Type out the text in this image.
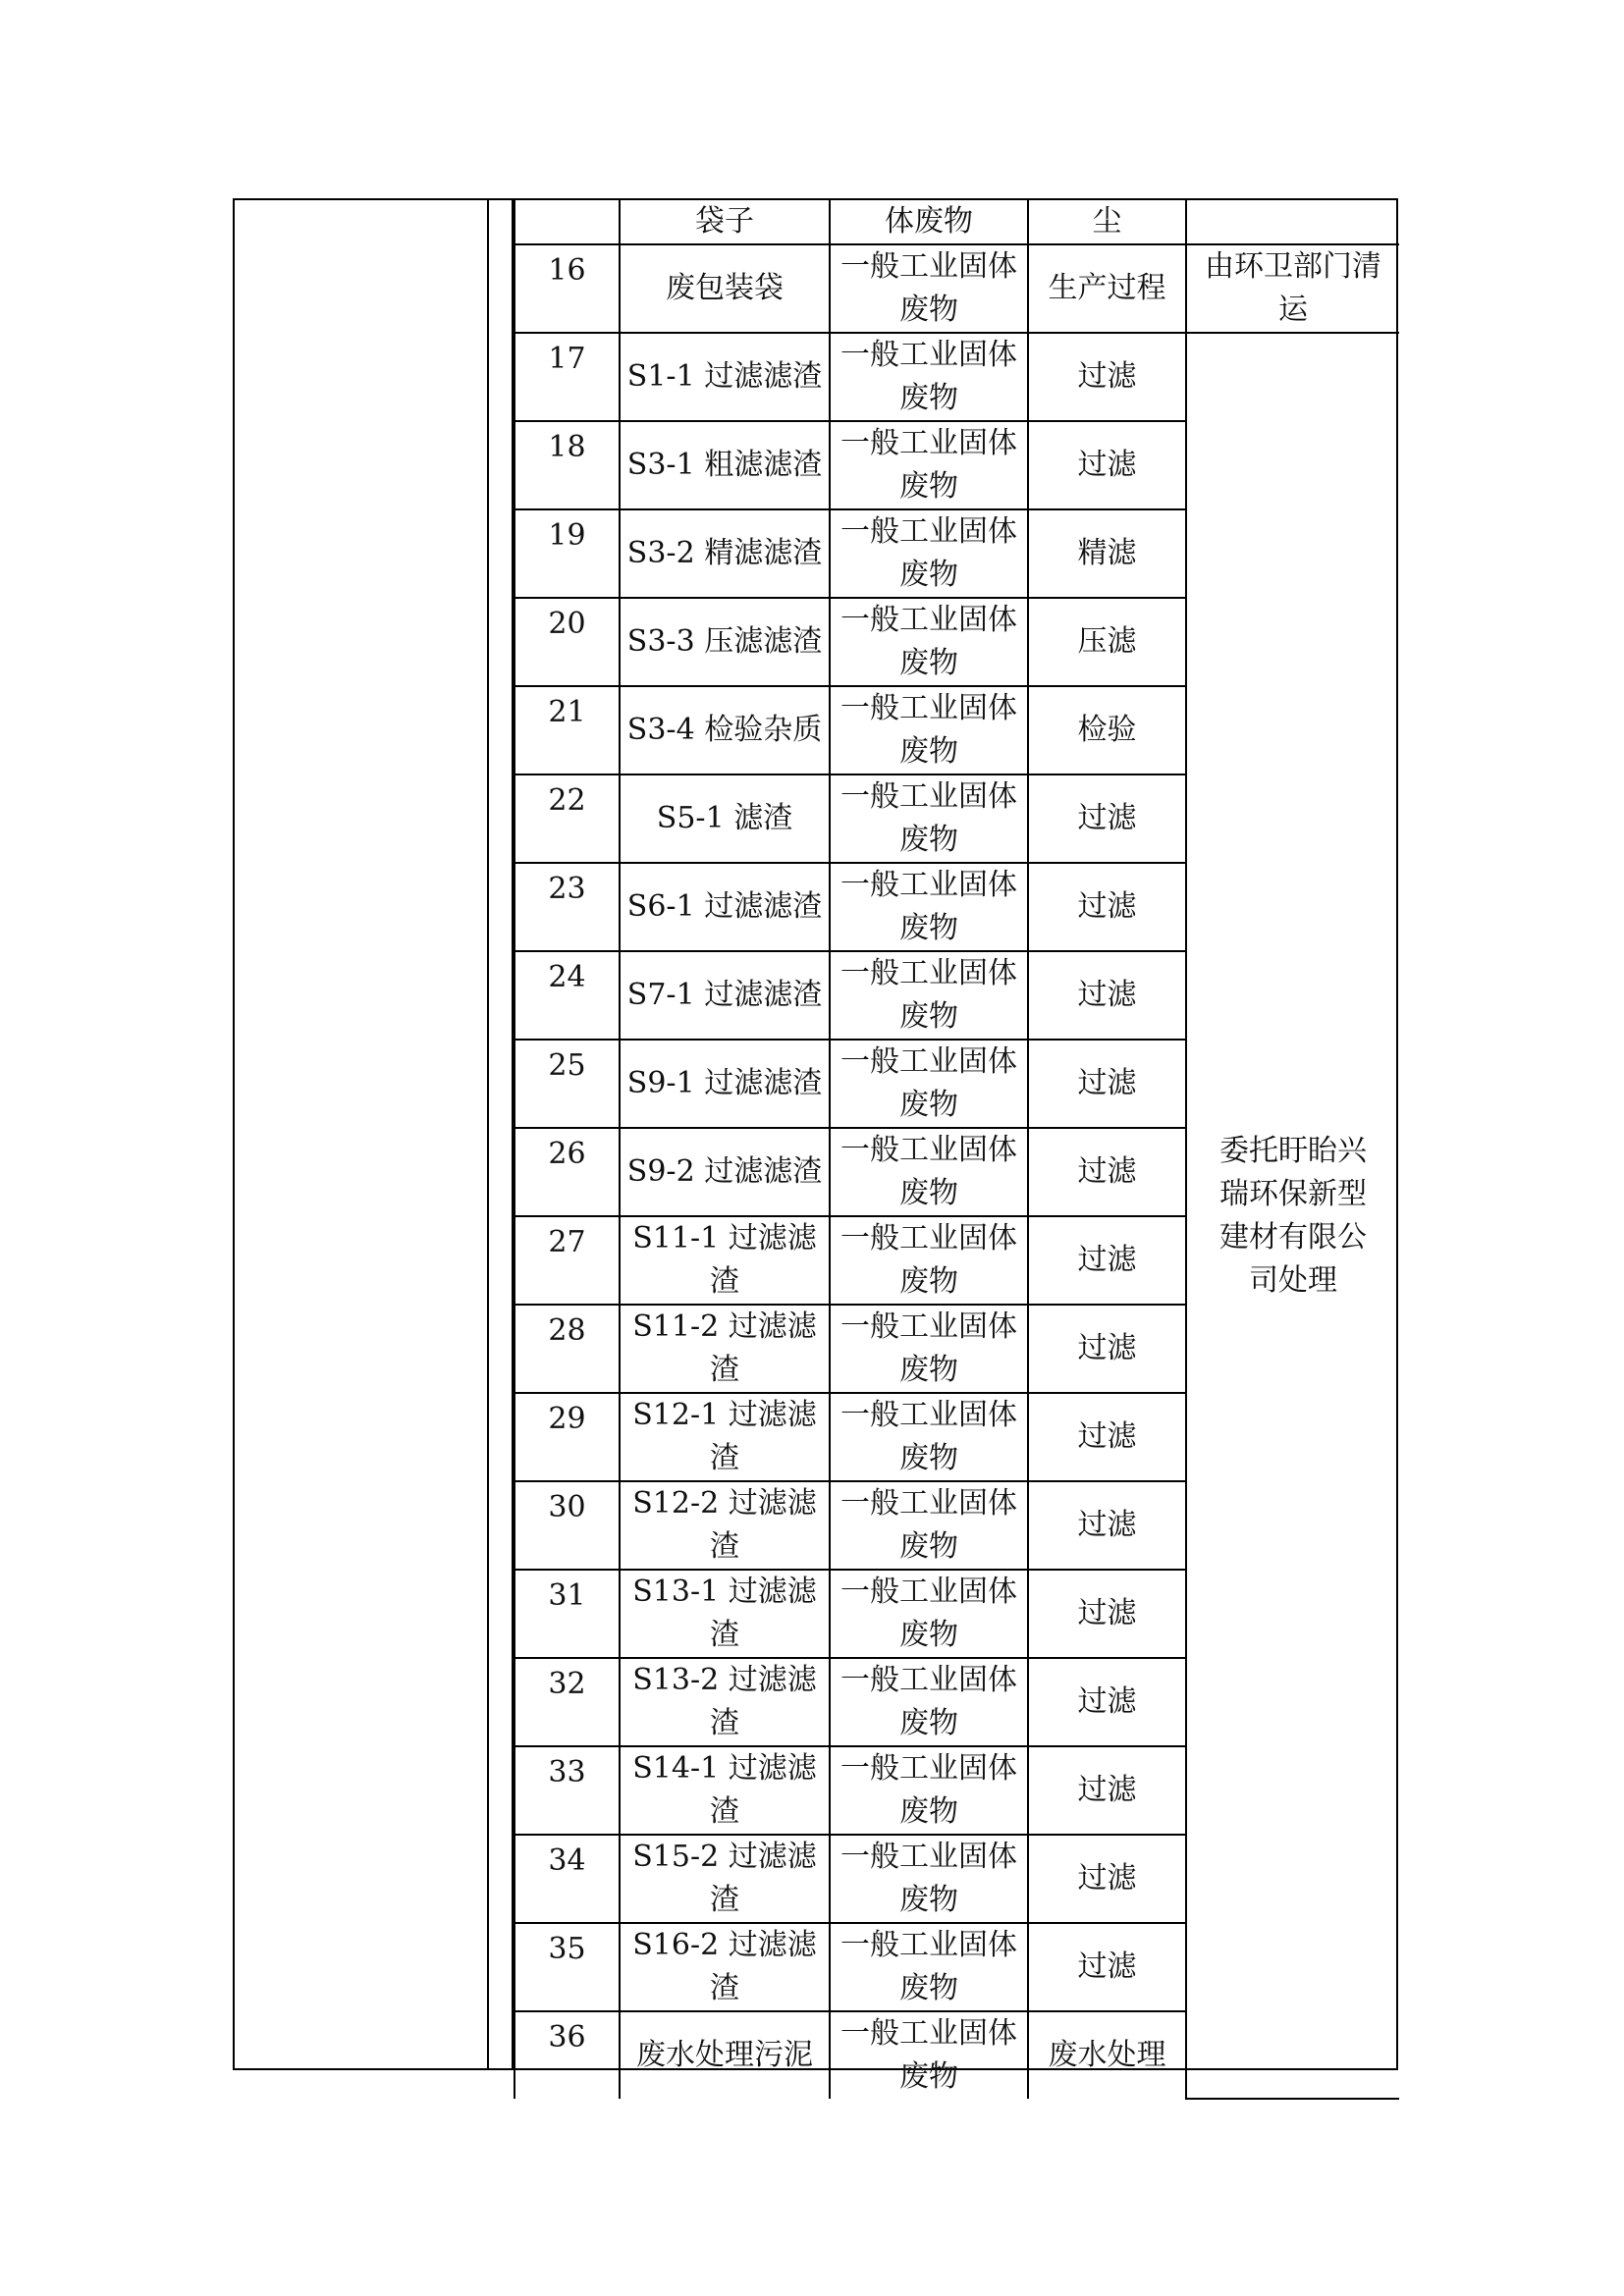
	袋子	体废物	尘	
16	废包装袋	一般工业固体废物	生产过程	由环卫部门清运
17	S1-1 过滤滤渣	一般工业固体废物	过滤	委托盱眙兴瑞环保新型建材有限公司处理
18	S3-1 粗滤滤渣	一般工业固体废物	过滤	
19	S3-2 精滤滤渣	一般工业固体废物	精滤	
20	S3-3 压滤滤渣	一般工业固体废物	压滤	
21	S3-4 检验杂质	一般工业固体废物	检验	
22	S5-1 滤渣	一般工业固体废物	过滤	
23	S6-1 过滤滤渣	一般工业固体废物	过滤	
24	S7-1 过滤滤渣	一般工业固体废物	过滤	
25	S9-1 过滤滤渣	一般工业固体废物	过滤	
26	S9-2 过滤滤渣	一般工业固体废物	过滤	
27	S11-1 过滤滤渣	一般工业固体废物	过滤	
28	S11-2 过滤滤渣	一般工业固体废物	过滤	
29	S12-1 过滤滤渣	一般工业固体废物	过滤	
30	S12-2 过滤滤渣	一般工业固体废物	过滤	
31	S13-1 过滤滤渣	一般工业固体废物	过滤	
32	S13-2 过滤滤渣	一般工业固体废物	过滤	
33	S14-1 过滤滤渣	一般工业固体废物	过滤	
34	S15-2 过滤滤渣	一般工业固体废物	过滤	
35	S16-2 过滤滤渣	一般工业固体废物	过滤	
36	废水处理污泥	一般工业固体废物	废水处理	
